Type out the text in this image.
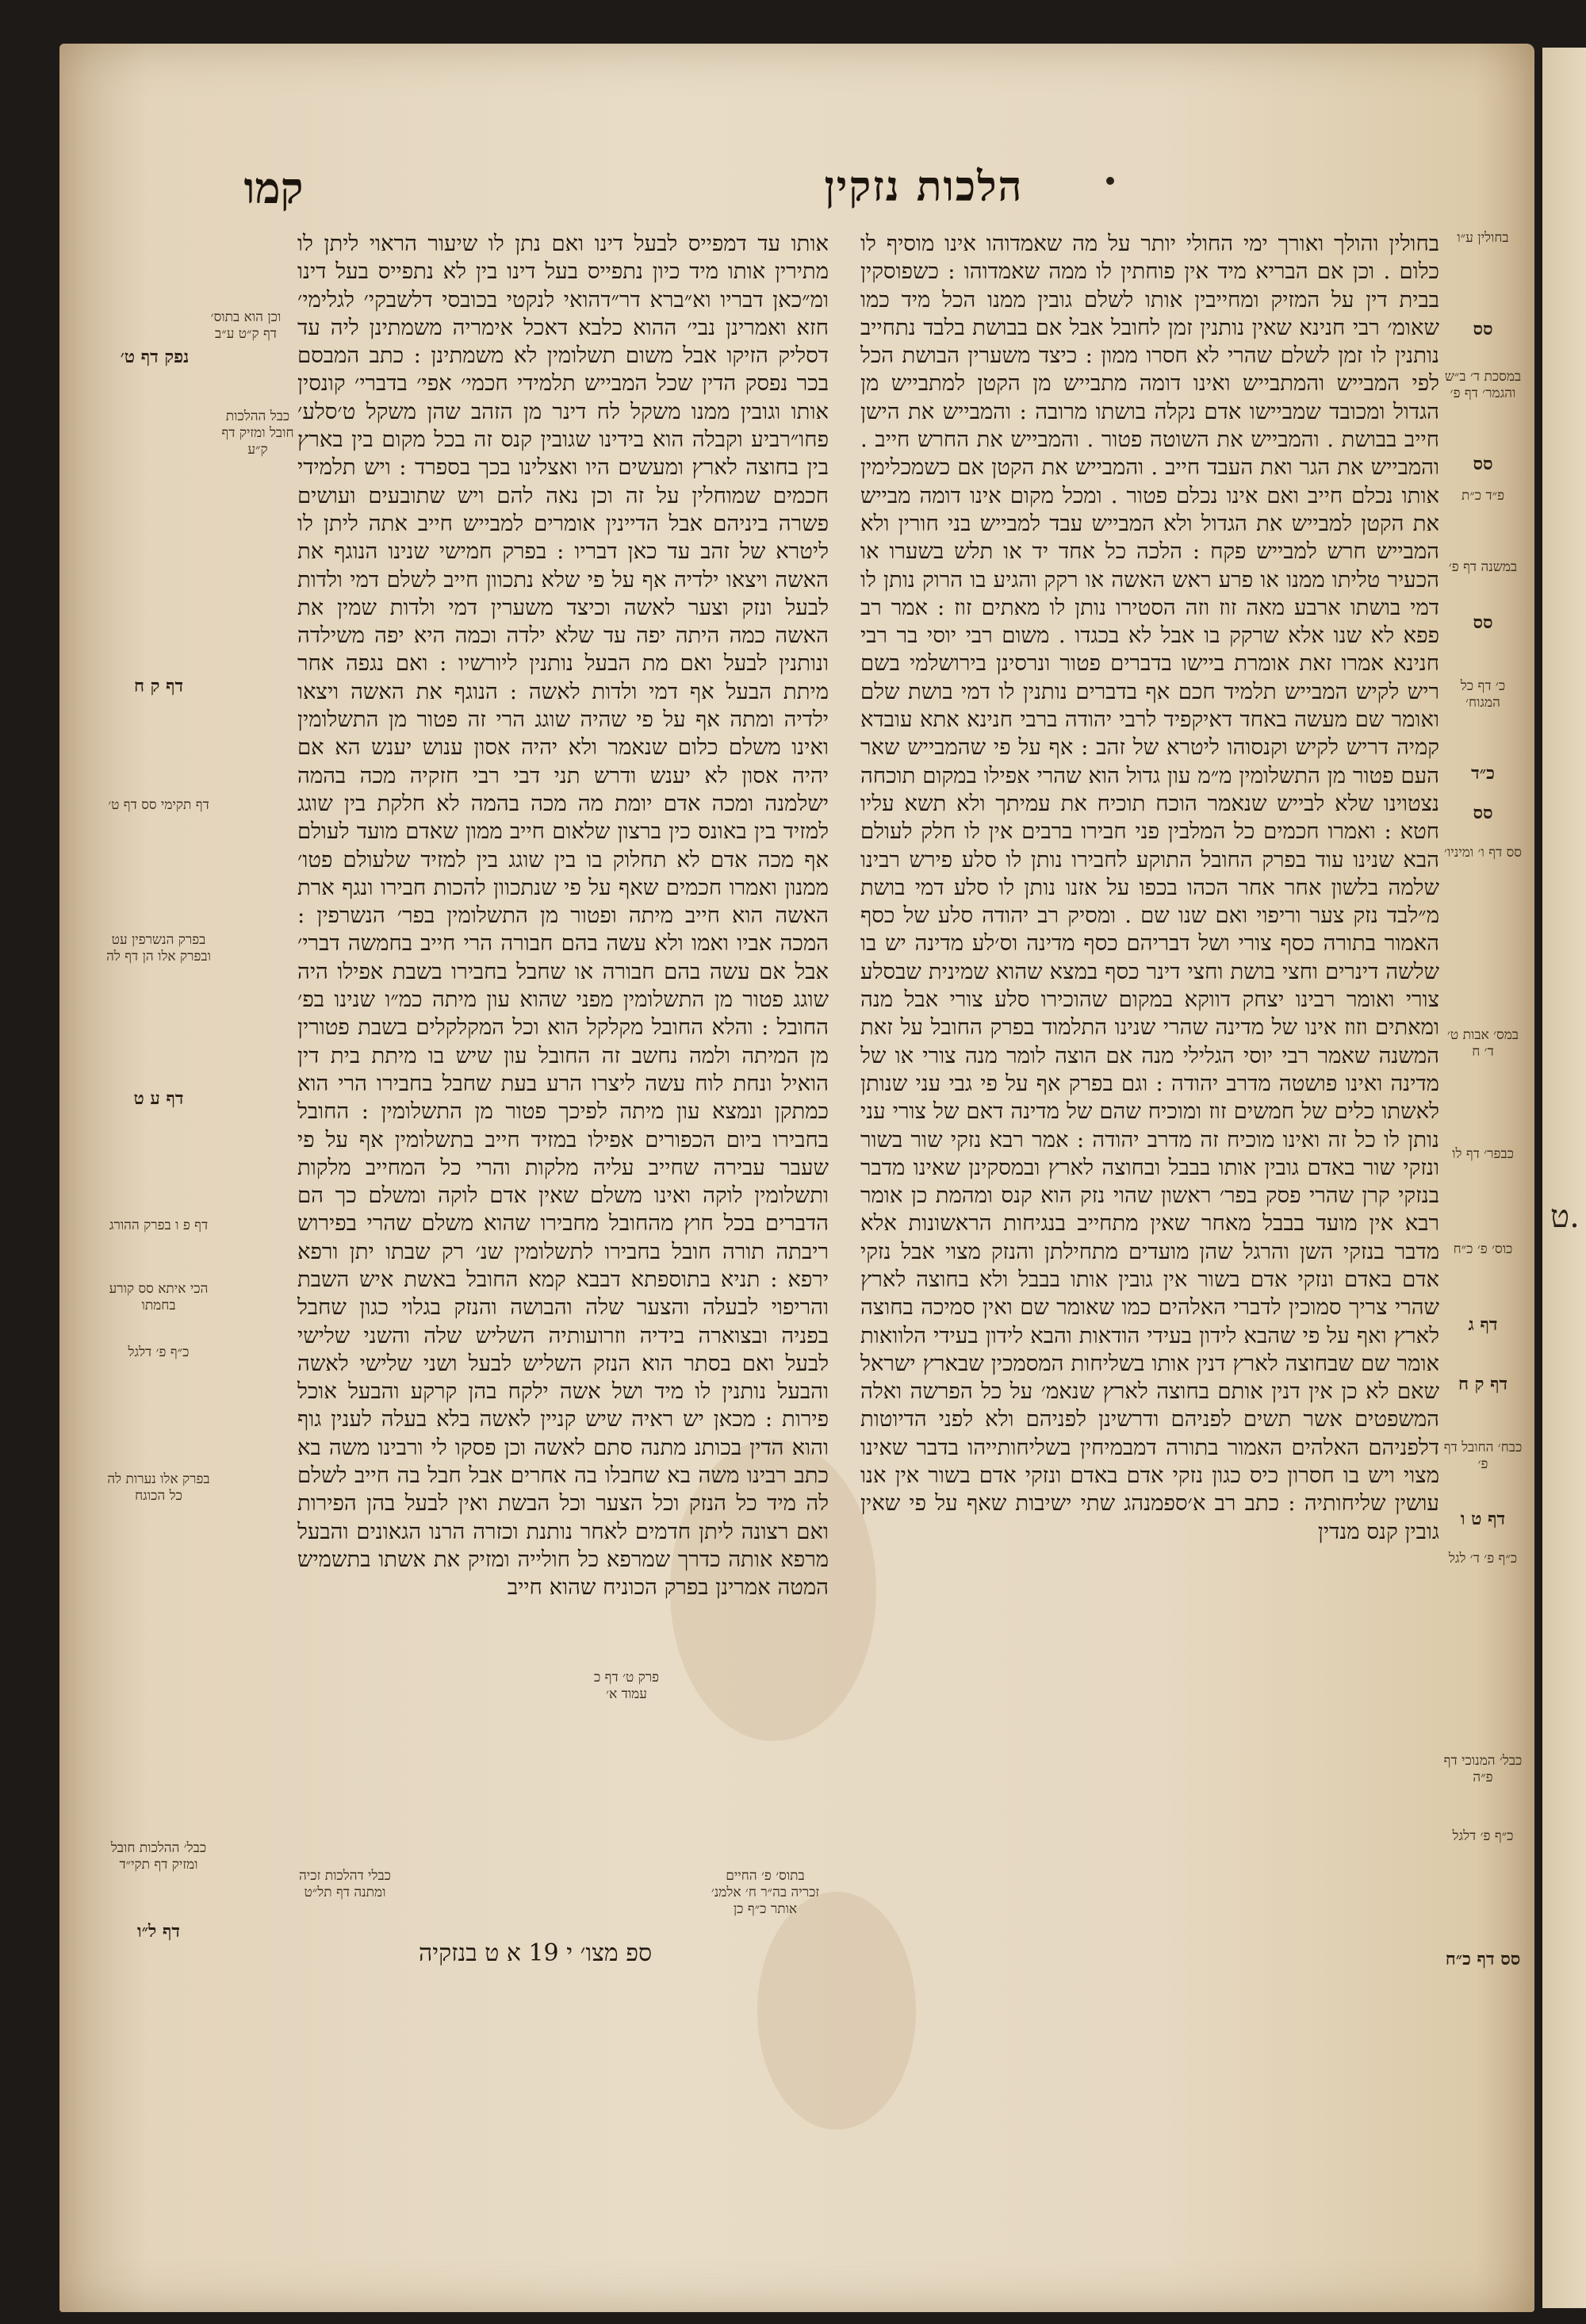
ט.
הלכות נזקין
קמו

בחולין והולך ואורך ימי החולי יותר על מה שאמדוהו אינו מוסיף לו כלום . וכן אם הבריא מיד אין פוחתין לו ממה שאמדוהו : כשפוסקין בבית דין על המזיק ומחייבין אותו לשלם גובין ממנו הכל מיד כמו שאומ׳ רבי חנינא שאין נותנין זמן לחובל אבל אם בבושת בלבד נתחייב נותנין לו זמן לשלם שהרי לא חסרו ממון : כיצד משערין הבושת הכל לפי המבייש והמתבייש ואינו דומה מתבייש מן הקטן למתבייש מן הגדול ומכובד שמביישו אדם נקלה בושתו מרובה : והמבייש את הישן חייב בבושת . והמבייש את השוטה פטור . והמבייש את החרש חייב . והמבייש את הגר ואת העבד חייב . והמבייש את הקטן אם כשמכלימין אותו נכלם חייב ואם אינו נכלם פטור . ומכל מקום אינו דומה מבייש את הקטן למבייש את הגדול ולא המבייש עבד למבייש בני חורין ולא המבייש חרש למבייש פקח : הלכה כל אחד יד או תלש בשערו או הכעיר טליתו ממנו או פרע ראש האשה או רקק והגיע בו הרוק נותן לו דמי בושתו ארבע מאה זוז וזה הסטירו נותן לו מאתים זוז : אמר רב פפא לא שנו אלא שרקק בו אבל לא בכגדו . משום רבי יוסי בר רבי חנינא אמרו זאת אומרת ביישו בדברים פטור ונרסינן בירושלמי בשם ריש לקיש המבייש תלמיד חכם אף בדברים נותנין לו דמי בושת שלם ואומר שם מעשה באחד דאיקפיד לרבי יהודה ברבי חנינא אתא עובדא קמיה דריש לקיש וקנסוהו ליטרא של זהב : אף על פי שהמבייש שאר העם פטור מן התשלומין מ״מ עון גדול הוא שהרי אפילו במקום תוכחה נצטוינו שלא לבייש שנאמר הוכח תוכיח את עמיתך ולא תשא עליו חטא : ואמרו חכמים כל המלבין פני חבירו ברבים אין לו חלק לעולם הבא שנינו עוד בפרק החובל התוקע לחבירו נותן לו סלע פירש רבינו שלמה בלשון אחר אחר הכהו בכפו על אזנו נותן לו סלע דמי בושת מ״לבד נזק צער וריפוי ואם שנו שם . ומסיק רב יהודה סלע של כסף האמור בתורה כסף צורי ושל דבריהם כסף מדינה וס׳לע מדינה יש בו שלשה דינרים וחצי בושת וחצי דינר כסף במצא שהוא שמינית שבסלע צורי ואומר רבינו יצחק דווקא במקום שהוכירו סלע צורי אבל מנה ומאתים וזוז אינו של מדינה שהרי שנינו התלמוד בפרק החובל על זאת המשנה שאמר רבי יוסי הגלילי מנה אם הוצה לומר מנה צורי או של מדינה ואינו פושטה מדרב יהודה : וגם בפרק אף על פי גבי עני שנותן לאשתו כלים של חמשים זוז ומוכיח שהם של מדינה דאם של צורי עני נותן לו כל זה ואינו מוכיח זה מדרב יהודה : אמר רבא נזקי שור בשור ונזקי שור באדם גובין אותו בבבל ובחוצה לארץ ובמסקינן שאינו מדבר בנזקי קרן שהרי פסק בפר׳ ראשון שהוי נזק הוא קנס ומהמת כן אומר רבא אין מועד בבבל מאחר שאין מתחייב בנגיחות הראשונות אלא מדבר בנזקי השן והרגל שהן מועדים מתחילתן והנזק מצוי אבל נזקי אדם באדם ונזקי אדם בשור אין גובין אותו בבבל ולא בחוצה לארץ שהרי צריך סמוכין לדברי האלהים כמו שאומר שם ואין סמיכה בחוצה לארץ ואף על פי שהבא לידון בעידי הודאות והבא לידון בעידי הלוואות אומר שם שבחוצה לארץ דנין אותו בשליחות המסמכין שבארץ ישראל שאם לא כן אין דנין אותם בחוצה לארץ שנאמ׳ על כל הפרשה ואלה המשפטים אשר תשים לפניהם ודרשינן לפניהם ולא לפני הדיוטות דלפניהם האלהים האמור בתורה דמבמיחין בשליחותייהו בדבר שאינו מצוי ויש בו חסרון כיס כגון נזקי אדם באדם ונזקי אדם בשור אין אנו עושין שליחותיה : כתב רב א׳ספמנהג שתי ישיבות שאף על פי שאין גובין קנס מנדין

אותו עד דמפייס לבעל דינו ואם נתן לו שיעור הראוי ליתן לו מתירין אותו מיד כיון נתפייס בעל דינו בין לא נתפייס בעל דינו ומ״כאן דבריו וא״ברא דר״דהואי לנקטי בכובסי דלשבקי׳ לגלימי׳ חזא ואמרינן נבי׳ ההוא כלבא דאכל אימריה משמתינן ליה עד דסליק הזיקו אבל משום תשלומין לא משמתינן : כתב המבסם בכר נפסק הדין שכל המבייש תלמידי חכמי׳ אפי׳ בדברי׳ קונסין אותו וגובין ממנו משקל לח דינר מן הזהב שהן משקל ט׳סלע׳ פחו״רביע וקבלה הוא בידינו שגובין קנס זה בכל מקום בין בארץ בין בחוצה לארץ ומעשים היו ואצלינו בכך בספרד : ויש תלמידי חכמים שמוחלין על זה וכן נאה להם ויש שתובעים ועושים פשרה ביניהם אבל הדיינין אומרים למבייש חייב אתה ליתן לו ליטרא של זהב עד כאן דבריו : בפרק חמישי שנינו הנוגף את האשה ויצאו ילדיה אף על פי שלא נתכוון חייב לשלם דמי ולדות לבעל ונזק וצער לאשה וכיצד משערין דמי ולדות שמין את האשה כמה היתה יפה עד שלא ילדה וכמה היא יפה משילדה ונותנין לבעל ואם מת הבעל נותנין ליורשיו : ואם נגפה אחר מיתת הבעל אף דמי ולדות לאשה : הנוגף את האשה ויצאו ילדיה ומתה אף על פי שהיה שוגג הרי זה פטור מן התשלומין ואינו משלם כלום שנאמר ולא יהיה אסון ענוש יענש הא אם יהיה אסון לא יענש ודרש תני דבי רבי חזקיה מכה בהמה ישלמנה ומכה אדם יומת מה מכה בהמה לא חלקת בין שוגג למזיד בין באונס כין ברצון שלאום חייב ממון שאדם מועד לעולם אף מכה אדם לא תחלוק בו בין שוגג בין למזיד שלעולם פטו׳ ממנון ואמרו חכמים שאף על פי שנתכוון להכות חבירו ונגף ארת האשה הוא חייב מיתה ופטור מן התשלומין בפר׳ הנשרפין : המכה אביו ואמו ולא עשה בהם חבורה הרי חייב בחמשה דברי׳ אבל אם עשה בהם חבורה או שחבל בחבירו בשבת אפילו היה שוגג פטור מן התשלומין מפני שהוא עון מיתה כמ״ו שנינו בפ׳ החובל : והלא החובל מקלקל הוא וכל המקלקלים בשבת פטורין מן המיתה ולמה נחשב זה החובל עון שיש בו מיתת בית דין הואיל ונחת לוח עשה ליצרו הרע בעת שחבל בחבירו הרי הוא כמתקן ונמצא עון מיתה לפיכך פטור מן התשלומין : החובל בחבירו ביום הכפורים אפילו במזיד חייב בתשלומין אף על פי שעבר עבירה שחייב עליה מלקות והרי כל המחייב מלקות ותשלומין לוקה ואינו משלם שאין אדם לוקה ומשלם כך הם הדברים בכל חוץ מהחובל מחבירו שהוא משלם שהרי בפירוש ריבתה תורה חובל בחבירו לתשלומין שנ׳ רק שבתו יתן ורפא ירפא : תניא בתוספתא דבבא קמא החובל באשת איש השבת והריפוי לבעלה והצער שלה והבושה והנזק בגלוי כגון שחבל בפניה ובצוארה בידיה וזרועותיה השליש שלה והשני שלישי לבעל ואם בסתר הוא הנזק השליש לבעל ושני שלישי לאשה והבעל נותנין לו מיד ושל אשה ילקח בהן קרקע והבעל אוכל פירות : מכאן יש ראיה שיש קניין לאשה בלא בעלה לענין גוף והוא הדין בכותנ מתנה סתם לאשה וכן פסקו לי ורבינו משה בא כתב רבינו משה בא שחבלו בה אחרים אבל חבל בה חייב לשלם לה מיד כל הנזק וכל הצער וכל הבשת ואין לבעל בהן הפירות ואם רצונה ליתן חדמים לאחר נותנת וכזרה הרנו הגאונים והבעל מרפא אותה כדרך שמרפא כל חולייה ומזיק את אשתו בתשמיש המטה אמרינן בפרק הכוניח שהוא חייב

בחולין ע״ו
סס
במסכת ד׳ ב״ש והגמר׳ דף פ׳
סס
פ״ד כ״ת
במשנה דף פ׳
סס
כ׳ דף כל המגוח׳
כ״ד
סס
סס דף ו׳ ומיניו׳
במס׳ אבות ט׳ ד׳ ח
כבפר׳ דף לו
כוס׳ פ׳ כ״ח
דף ג
דף ק ח
כבח׳ החובל דף פ׳
דף ט ו
כ״ף פ׳ ד׳ לגל
כבל׳ המנוכי דף פ״ה
כ״ף פ׳ דלגל
סס דף כ״ח
וכן הוא בתוס׳ דף ק״ט ע״ב
נפק דף ט׳
כבל ההלכות חובל ומזיק דף ק״ע
דף ק ח
דף תקימי סס דף ט׳
בפרק הנשרפין עט ובפרק אלו הן דף לה
דף ע ט
דף פ ו בפרק ההורג
הכי איתא סס קורע בחמתו
כ״ף פ׳ דלגל
בפרק אלו נערות לה כל הכוגח
כבל׳ ההלכות חובל ומזיק דף תקי״ד
דף ל״ו
פרק ט׳ דף כ עמוד א׳
בתוס׳ פ׳ החיים זכריה בה״ר ח׳ אלמנ׳ אותר כ״ף כן
כבלי דהלכות זכיה ומתנה דף תל״ט
ספ מצו׳ י 19 א ט בנזקיה
